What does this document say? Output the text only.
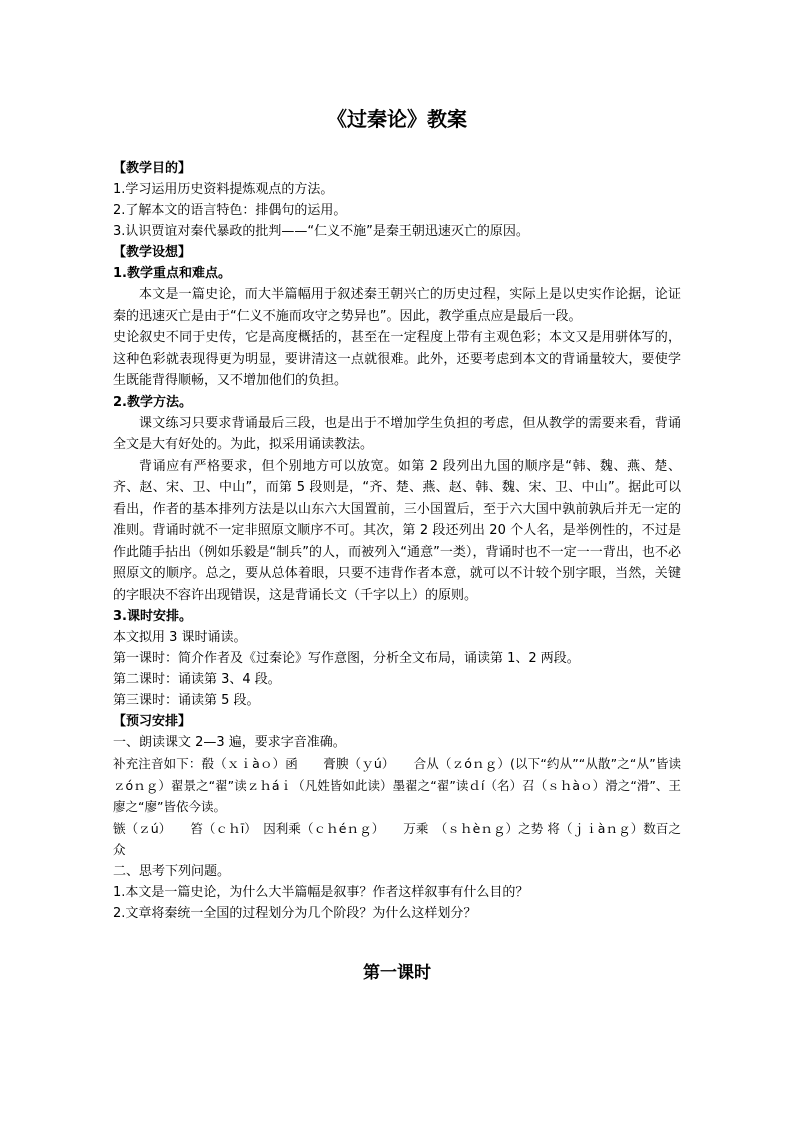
《过秦论》教案

【教学目的】

1.学习运用历史资料提炼观点的方法。

2.了解本文的语言特色：排偶句的运用。

3.认识贾谊对秦代暴政的批判——“仁义不施”是秦王朝迅速灭亡的原因。

【教学设想】

1.教学重点和难点。

本文是一篇史论，而大半篇幅用于叙述秦王朝兴亡的历史过程，实际上是以史实作论据，论证秦的迅速灭亡是由于“仁义不施而攻守之势异也”。因此，教学重点应是最后一段。

史论叙史不同于史传，它是高度概括的，甚至在一定程度上带有主观色彩；本文又是用骈体写的，这种色彩就表现得更为明显，要讲清这一点就很难。此外，还要考虑到本文的背诵量较大，要使学生既能背得顺畅，又不增加他们的负担。

2.教学方法。

课文练习只要求背诵最后三段，也是出于不增加学生负担的考虑，但从教学的需要来看，背诵全文是大有好处的。为此，拟采用诵读教法。

背诵应有严格要求，但个别地方可以放宽。如第 2 段列出九国的顺序是“韩、魏、燕、楚、齐、赵、宋、卫、中山”，而第 5 段则是，“齐、楚、燕、赵、韩、魏、宋、卫、中山”。据此可以看出，作者的基本排列方法是以山东六大国置前，三小国置后，至于六大国中孰前孰后并无一定的准则。背诵时就不一定非照原文顺序不可。其次，第 2 段还列出 20 个人名，是举例性的，不过是作此随手拈出（例如乐毅是“制兵”的人，而被列入“通意”一类），背诵时也不一定一一背出，也不必照原文的顺序。总之，要从总体着眼，只要不违背作者本意，就可以不计较个别字眼，当然，关键的字眼决不容许出现错误，这是背诵长文（千字以上）的原则。

3.课时安排。

本文拟用 3 课时诵读。

第一课时：简介作者及《过秦论》写作意图，分析全文布局，诵读第 1、2 两段。

第二课时：诵读第 3、4 段。

第三课时：诵读第 5 段。

【预习安排】

一、朗读课文 2—3 遍，要求字音准确。

补充注音如下：殽（ｘｉàｏ）函　　膏腴（ｙú）　　合从（ｚóｎｇ）(以下“约从”“从散”之“从”皆读ｚóｎｇ）翟景之“翟”读ｚｈáｉ（凡姓皆如此读）墨翟之“翟”读ｄí（名）召（ｓｈàｏ）滑之“滑”、王廖之“廖”皆依今读。

镞（ｚú）　　笞（ｃｈī）　因利乘（ｃｈéｎｇ）　　万乘　（ｓｈèｎｇ）之势 将（ｊｉàｎｇ）数百之众

二、思考下列问题。

1.本文是一篇史论，为什么大半篇幅是叙事？作者这样叙事有什么目的？

2.文章将秦统一全国的过程划分为几个阶段？为什么这样划分？

第一课时
